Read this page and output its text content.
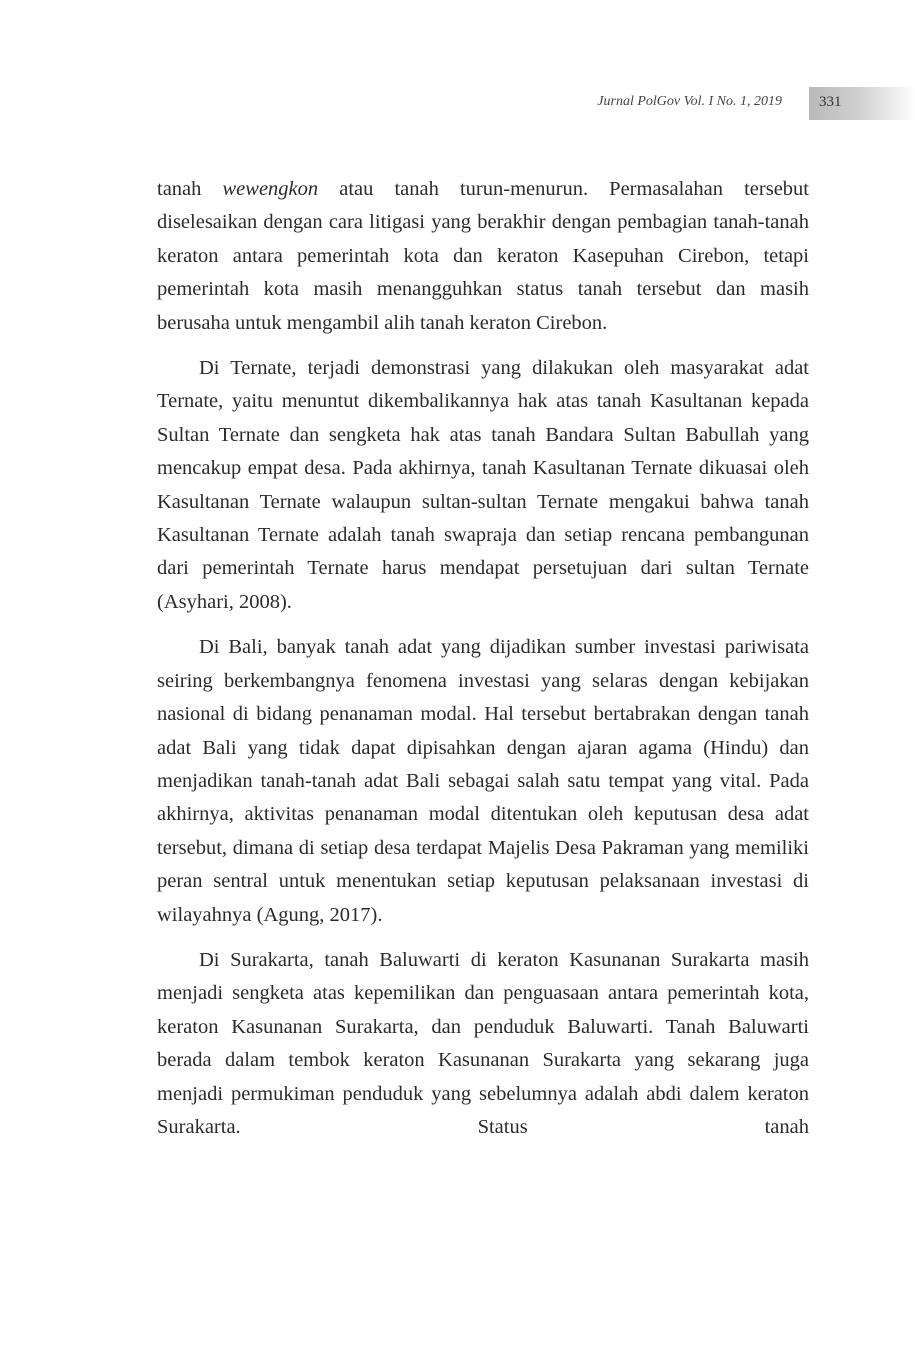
Jurnal PolGov Vol. I No. 1, 2019 331

tanah wewengkon atau tanah turun-menurun. Permasalahan tersebut diselesaikan dengan cara litigasi yang berakhir dengan pembagian tanah-tanah keraton antara pemerintah kota dan keraton Kasepuhan Cirebon, tetapi pemerintah kota masih menangguhkan status tanah tersebut dan masih berusaha untuk mengambil alih tanah keraton Cirebon.

Di Ternate, terjadi demonstrasi yang dilakukan oleh masyarakat adat Ternate, yaitu menuntut dikembalikannya hak atas tanah Kasultanan kepada Sultan Ternate dan sengketa hak atas tanah Bandara Sultan Babullah yang mencakup empat desa. Pada akhirnya, tanah Kasultanan Ternate dikuasai oleh Kasultanan Ternate walaupun sultan-sultan Ternate mengakui bahwa tanah Kasultanan Ternate adalah tanah swapraja dan setiap rencana pembangunan dari pemerintah Ternate harus mendapat persetujuan dari sultan Ternate (Asyhari, 2008).

Di Bali, banyak tanah adat yang dijadikan sumber investasi pariwisata seiring berkembangnya fenomena investasi yang selaras dengan kebijakan nasional di bidang penanaman modal. Hal tersebut bertabrakan dengan tanah adat Bali yang tidak dapat dipisahkan dengan ajaran agama (Hindu) dan menjadikan tanah-tanah adat Bali sebagai salah satu tempat yang vital. Pada akhirnya, aktivitas penanaman modal ditentukan oleh keputusan desa adat tersebut, dimana di setiap desa terdapat Majelis Desa Pakraman yang memiliki peran sentral untuk menentukan setiap keputusan pelaksanaan investasi di wilayahnya (Agung, 2017).

Di Surakarta, tanah Baluwarti di keraton Kasunanan Surakarta masih menjadi sengketa atas kepemilikan dan penguasaan antara pemerintah kota, keraton Kasunanan Surakarta, dan penduduk Baluwarti. Tanah Baluwarti berada dalam tembok keraton Kasunanan Surakarta yang sekarang juga menjadi permukiman penduduk yang sebelumnya adalah abdi dalem keraton Surakarta. Status tanah
